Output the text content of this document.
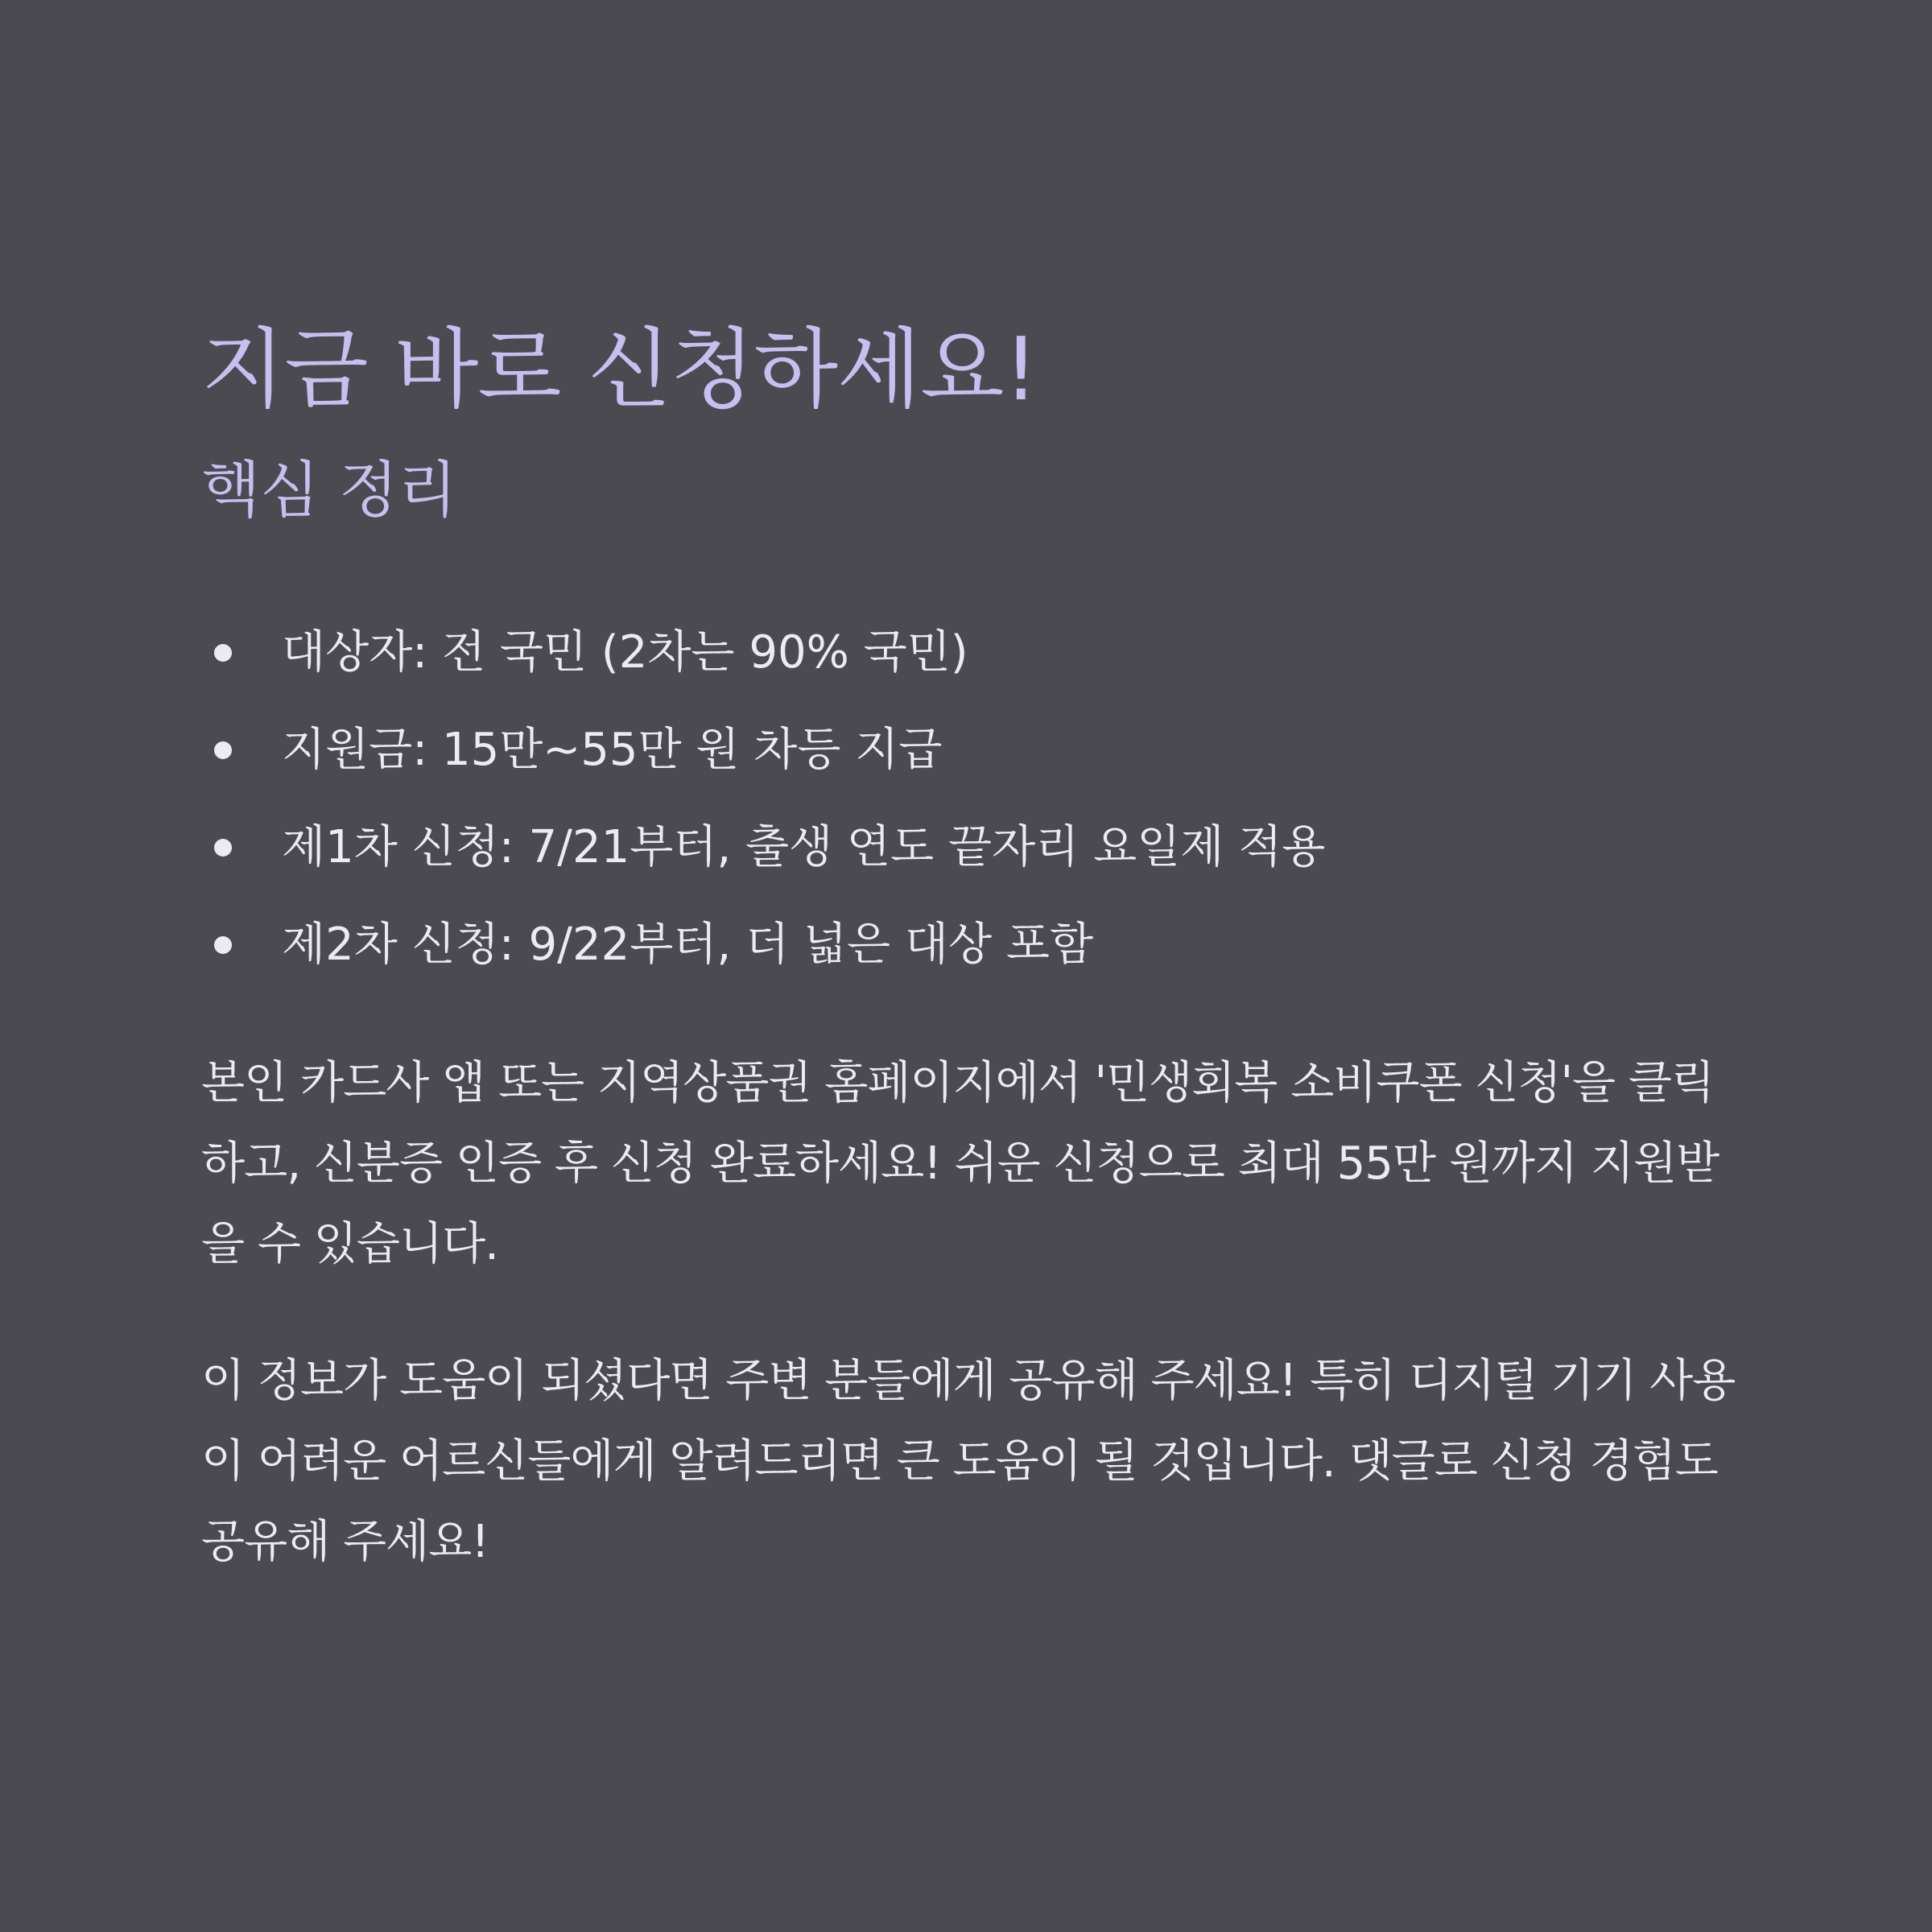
지금 바로 신청하세요!
핵심 정리
대상자: 전 국민 (2차는 90% 국민)
지원금: 15만~55만 원 차등 지급
제1차 신청: 7/21부터, 출생 연도 끝자리 요일제 적용
제2차 신청: 9/22부터, 더 넓은 대상 포함

본인 카드사 앱 또는 지역상품권 홈페이지에서 '민생회복 소비쿠폰 신청'을 클릭하고, 신분증 인증 후 신청 완료하세요! 쉬운 신청으로 최대 55만 원까지 지원받을 수 있습니다.

이 정보가 도움이 되셨다면 주변 분들에게 공유해 주세요! 특히 디지털 기기 사용이 어려운 어르신들에게 알려드리면 큰 도움이 될 것입니다. 댓글로 신청 경험도 공유해 주세요!
